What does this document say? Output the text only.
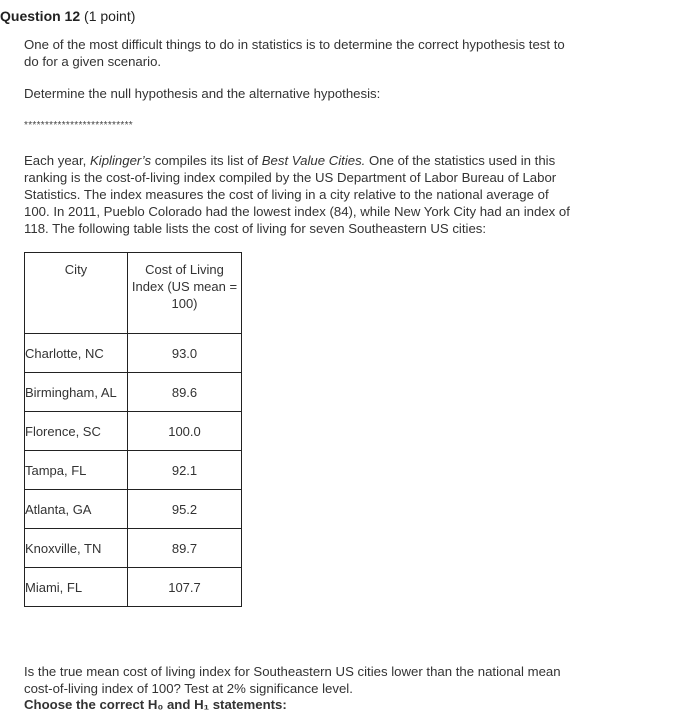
Question 12 (1 point)

One of the most difficult things to do in statistics is to determine the correct hypothesis test to do for a given scenario.

Determine the null hypothesis and the alternative hypothesis:

**************************

Each year, Kiplinger’s compiles its list of Best Value Cities. One of the statistics used in this ranking is the cost-of-living index compiled by the US Department of Labor Bureau of Labor Statistics. The index measures the cost of living in a city relative to the national average of 100. In 2011, Pueblo Colorado had the lowest index (84), while New York City had an index of 118. The following table lists the cost of living for seven Southeastern US cities:

City	Cost of Living Index (US mean = 100)
Charlotte, NC	93.0
Birmingham, AL	89.6
Florence, SC	100.0
Tampa, FL	92.1
Atlanta, GA	95.2
Knoxville, TN	89.7
Miami, FL	107.7

Is the true mean cost of living index for Southeastern US cities lower than the national mean cost-of-living index of 100? Test at 2% significance level.

Choose the correct H₀ and H₁ statements:
